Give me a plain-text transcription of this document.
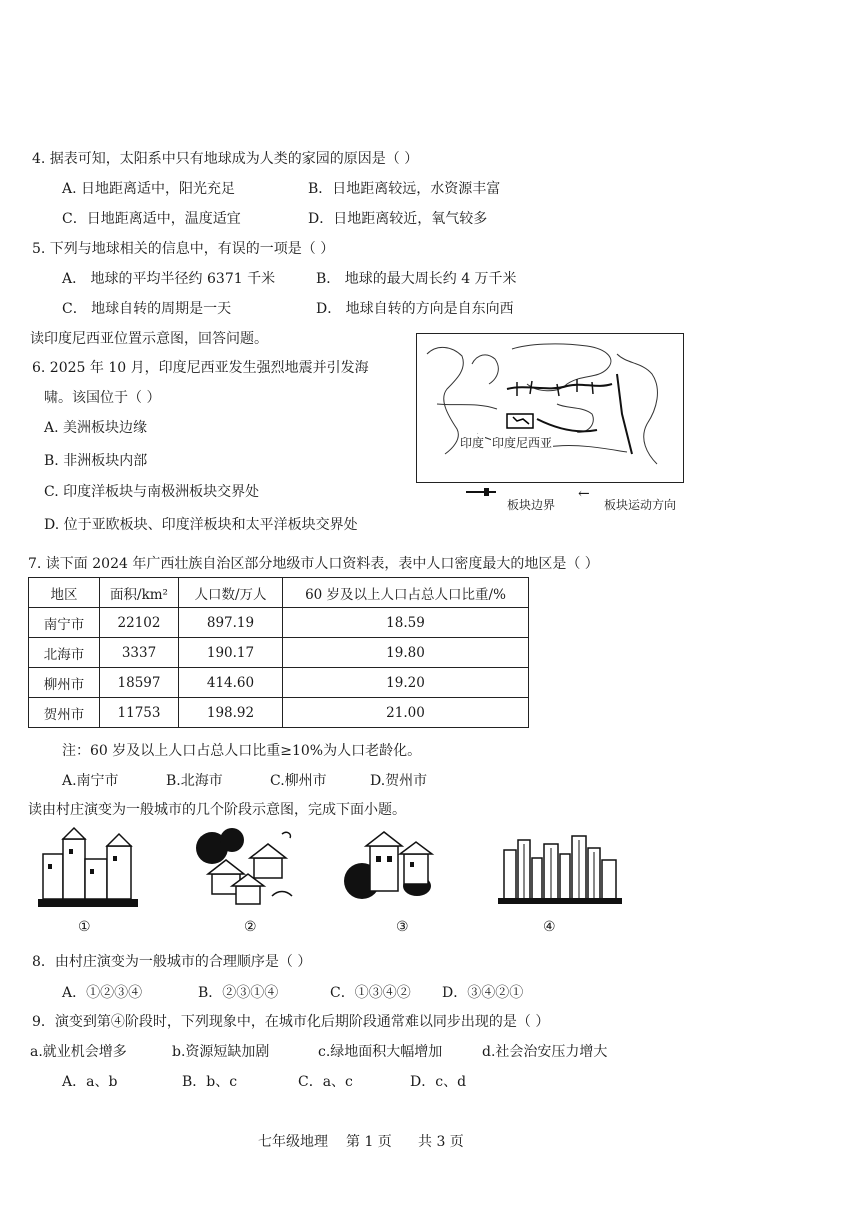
4. 据表可知，太阳系中只有地球成为人类的家园的原因是（ ）
A. 日地距离适中，阳光充足	B．日地距离较远，水资源丰富
C．日地距离适中，温度适宜	D．日地距离较近，氧气较多
5. 下列与地球相关的信息中，有误的一项是（ ）
A． 地球的平均半径约 6371 千米	B． 地球的最大周长约 4 万千米
C． 地球自转的周期是一天	D． 地球自转的方向是自东向西
读印度尼西亚位置示意图，回答问题。
6. 2025 年 10 月，印度尼西亚发生强烈地震并引发海
啸。该国位于（ ）
A. 美洲板块边缘
B. 非洲板块内部
C. 印度洋板块与南极洲板块交界处
D. 位于亚欧板块、印度洋板块和太平洋板块交界处
印度 印度尼西亚
板块边界
←
板块运动方向
7. 读下面 2024 年广西壮族自治区部分地级市人口资料表，表中人口密度最大的地区是（ ）
地区	面积/km²	人口数/万人	60 岁及以上人口占总人口比重/%
南宁市	22102	897.19	18.59
北海市	3337	190.17	19.80
柳州市	18597	414.60	19.20
贺州市	11753	198.92	21.00
注：60 岁及以上人口占总人口比重≥10%为人口老龄化。
A.南宁市	B.北海市	C.柳州市	D.贺州市
读由村庄演变为一般城市的几个阶段示意图，完成下面小题。
①	②	③	④
8．由村庄演变为一般城市的合理顺序是（ ）
A．①②③④	B．②③①④	C．①③④② D．③④②①
9．演变到第④阶段时，下列现象中，在城市化后期阶段通常难以同步出现的是（ ）
a.就业机会增多	b.资源短缺加剧	c.绿地面积大幅增加	d.社会治安压力增大
A．a、b	B．b、c	C．a、c	D．c、d
七年级地理 第 1 页 共 3 页
